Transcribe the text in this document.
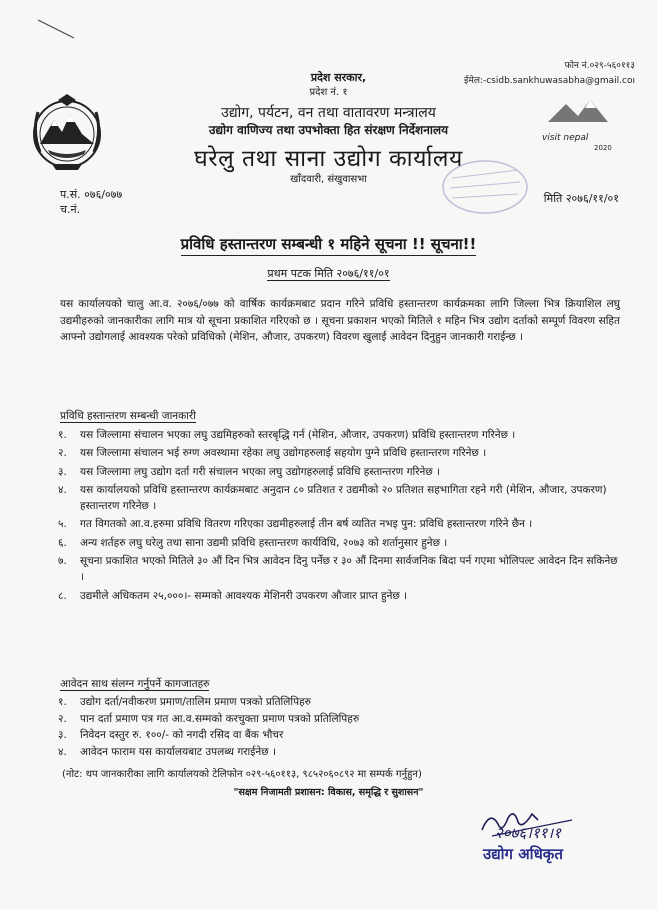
फोन नं.०२९-५६०११३
ईमेल:-csidb.sankhuwasabha@gmail.coı
प्रदेश सरकार,
प्रदेश नं. १
उद्योग, पर्यटन, वन तथा वातावरण मन्त्रालय
उद्योग वाणिज्य तथा उपभोक्ता हित संरक्षण निर्देशनालय
घरेलु तथा साना उद्योग कार्यालय
खाँदवारी, संखुवासभा
visit nepal
2020
प.सं. ०७६/०७७
च.नं.
मिति २०७६/११/०१
प्रविधि हस्तान्तरण सम्बन्धी १ महिने सूचना !! सूचना!!
प्रथम पटक मिति २०७६/११/०१
यस कार्यालयको चालु आ.व. २०७६/०७७ को वार्षिक कार्यक्रमबाट प्रदान गरिने प्रविधि हस्तान्तरण कार्यक्रमका लागि जिल्ला भित्र क्रियाशिल लघु उद्यमीहरुको जानकारीका लागि मात्र यो सूचना प्रकाशित गरिएको छ । सूचना प्रकाशन भएको मितिले १ महिन भित्र उद्योग दर्ताको सम्पूर्ण विवरण सहित आफ्नो उद्योगलाई आवश्यक परेको प्रविधिको (मेशिन, औजार, उपकरण) विवरण खुलाई आवेदन दिनुहुन जानकारी गराईन्छ ।
प्रविधि हस्तान्तरण सम्बन्धी जानकारी
१.	यस जिल्लामा संचालन भएका लघु उद्यमिहरुको स्तरबृद्धि गर्न (मेशिन, औजार, उपकरण) प्रविधि हस्तान्तरण गरिनेछ ।
२.	यस जिल्लामा संचालन भई रुग्ण अवस्थामा रहेका लघु उद्योगहरुलाई सहयोग पुग्ने प्रविधि हस्तान्तरण गरिनेछ ।
३.	यस जिल्लामा लघु उद्योग दर्ता गरी संचालन भएका लघु उद्योगहरुलाई प्रविधि हस्तान्तरण गरिनेछ ।
४.	यस कार्यालयको प्रविधि हस्तान्तरण कार्यक्रमबाट अनुदान ८० प्रतिशत र उद्यमीको २० प्रतिशत सहभागिता रहने गरी (मेशिन, औजार, उपकरण) हस्तान्तरण गरिनेछ ।
५.	गत विगतको आ.व.हरुमा प्रविधि वितरण गरिएका उद्यमीहरुलाई तीन बर्ष व्यतित नभइ पुन: प्रविधि हस्तान्तरण गरिने छैन ।
६.	अन्य शर्तहरु लघु घरेलु तथा साना उद्यमी प्रविधि हस्तान्तरण कार्यविधि, २०७३ को शर्तानुसार हुनेछ ।
७.	सूचना प्रकाशित भएको मितिले ३० औं दिन भित्र आवेदन दिनु पर्नेछ र ३० औं दिनमा सार्वजनिक बिदा पर्न गएमा भोलिपल्ट आवेदन दिन सकिनेछ ।
८.	उद्यमीले अधिकतम २५,०००।- सम्मको आवश्यक मेशिनरी उपकरण औजार प्राप्त हुनेछ ।
आवेदन साथ संलग्न गर्नुपर्ने कागजातहरु
१.	उद्योग दर्ता/नवीकरण प्रमाण/तालिम प्रमाण पत्रको प्रतिलिपिहरु
२.	पान दर्ता प्रमाण पत्र गत आ.व.सम्मको करचुक्ता प्रमाण पत्रको प्रतिलिपिहरु
३.	निवेदन दस्तुर रु. १००/- को नगदी रसिद वा बैंक भौचर
४.	आवेदन फाराम यस कार्यालयबाट उपलब्ध गराईनेछ ।
(नोट: थप जानकारीका लागि कार्यालयको टेलिफोन ०२९-५६०११३, ९८५२०६०८९२ मा सम्पर्क गर्नुहुन)
"सक्षम निजामती प्रशासन: विकास, समृद्धि र सुशासन"
२०७६।११।१
उद्योग अधिकृत
